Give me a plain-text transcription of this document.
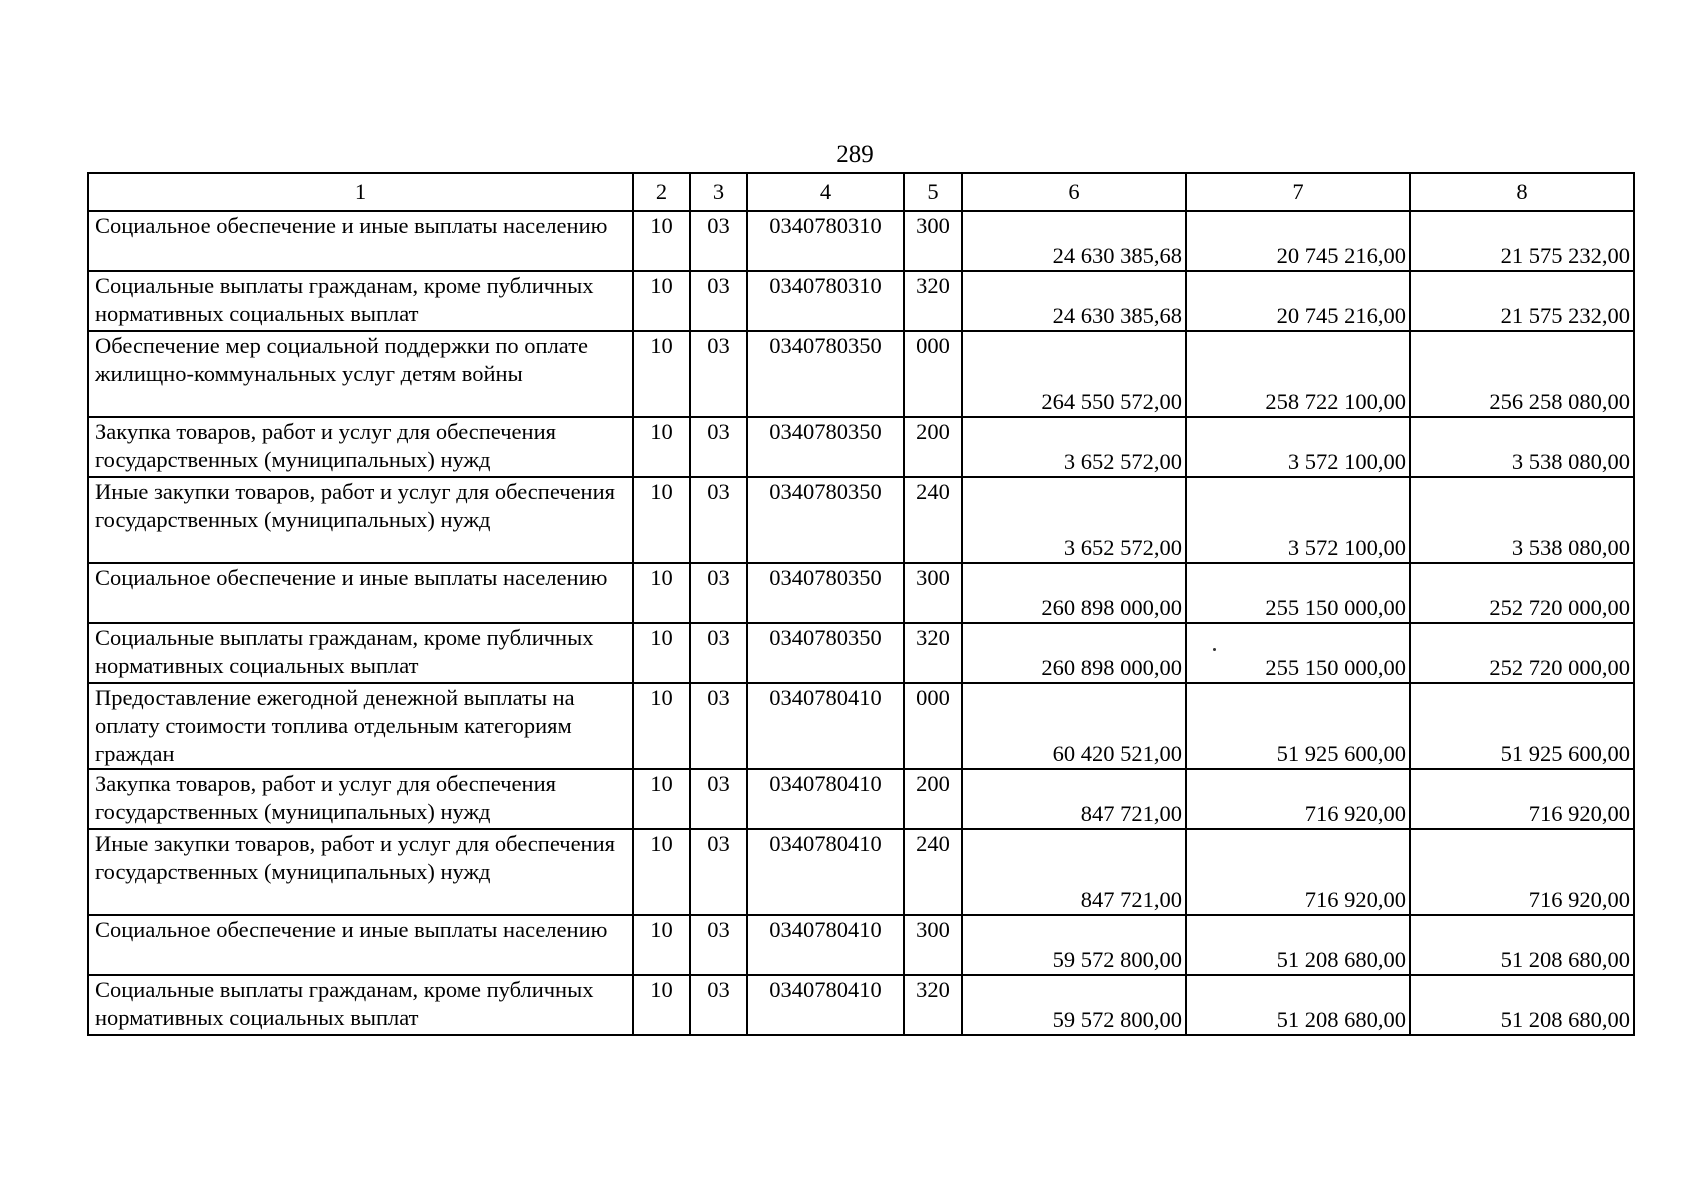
289
1	2	3	4	5	6	7	8
Социальное обеспечение и иные выплаты населению	10	03	0340780310	300	24 630 385,68	20 745 216,00	21 575 232,00
Социальные выплаты гражданам, кроме публичных нормативных социальных выплат	10	03	0340780310	320	24 630 385,68	20 745 216,00	21 575 232,00
Обеспечение мер социальной поддержки по оплате жилищно-коммунальных услуг детям войны	10	03	0340780350	000	264 550 572,00	258 722 100,00	256 258 080,00
Закупка товаров, работ и услуг для обеспечения государственных (муниципальных) нужд	10	03	0340780350	200	3 652 572,00	3 572 100,00	3 538 080,00
Иные закупки товаров, работ и услуг для обеспечения государственных (муниципальных) нужд	10	03	0340780350	240	3 652 572,00	3 572 100,00	3 538 080,00
Социальное обеспечение и иные выплаты населению	10	03	0340780350	300	260 898 000,00	255 150 000,00	252 720 000,00
Социальные выплаты гражданам, кроме публичных нормативных социальных выплат	10	03	0340780350	320	260 898 000,00	255 150 000,00	252 720 000,00
Предоставление ежегодной денежной выплаты на оплату стоимости топлива отдельным категориям граждан	10	03	0340780410	000	60 420 521,00	51 925 600,00	51 925 600,00
Закупка товаров, работ и услуг для обеспечения государственных (муниципальных) нужд	10	03	0340780410	200	847 721,00	716 920,00	716 920,00
Иные закупки товаров, работ и услуг для обеспечения государственных (муниципальных) нужд	10	03	0340780410	240	847 721,00	716 920,00	716 920,00
Социальное обеспечение и иные выплаты населению	10	03	0340780410	300	59 572 800,00	51 208 680,00	51 208 680,00
Социальные выплаты гражданам, кроме публичных нормативных социальных выплат	10	03	0340780410	320	59 572 800,00	51 208 680,00	51 208 680,00
